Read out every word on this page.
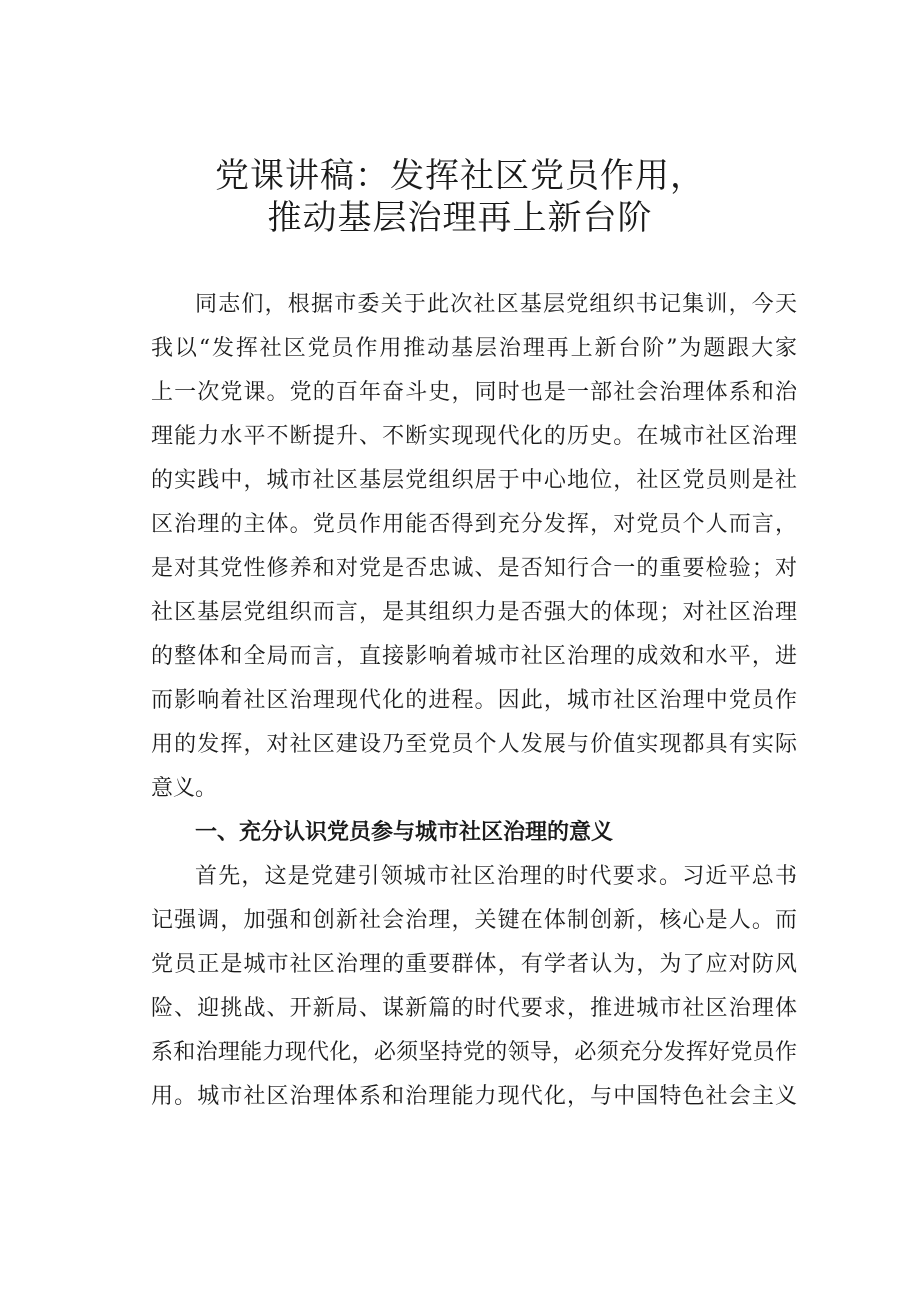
党课讲稿：发挥社区党员作用，
推动基层治理再上新台阶

同志们，根据市委关于此次社区基层党组织书记集训，今天

我以“发挥社区党员作用推动基层治理再上新台阶”为题跟大家

上一次党课。党的百年奋斗史，同时也是一部社会治理体系和治

理能力水平不断提升、不断实现现代化的历史。在城市社区治理

的实践中，城市社区基层党组织居于中心地位，社区党员则是社

区治理的主体。党员作用能否得到充分发挥，对党员个人而言，

是对其党性修养和对党是否忠诚、是否知行合一的重要检验；对

社区基层党组织而言，是其组织力是否强大的体现；对社区治理

的整体和全局而言，直接影响着城市社区治理的成效和水平，进

而影响着社区治理现代化的进程。因此，城市社区治理中党员作

用的发挥，对社区建设乃至党员个人发展与价值实现都具有实际

意义。

一、充分认识党员参与城市社区治理的意义

首先，这是党建引领城市社区治理的时代要求。习近平总书

记强调，加强和创新社会治理，关键在体制创新，核心是人。而

党员正是城市社区治理的重要群体，有学者认为，为了应对防风

险、迎挑战、开新局、谋新篇的时代要求，推进城市社区治理体

系和治理能力现代化，必须坚持党的领导，必须充分发挥好党员作

用。城市社区治理体系和治理能力现代化，与中国特色社会主义
